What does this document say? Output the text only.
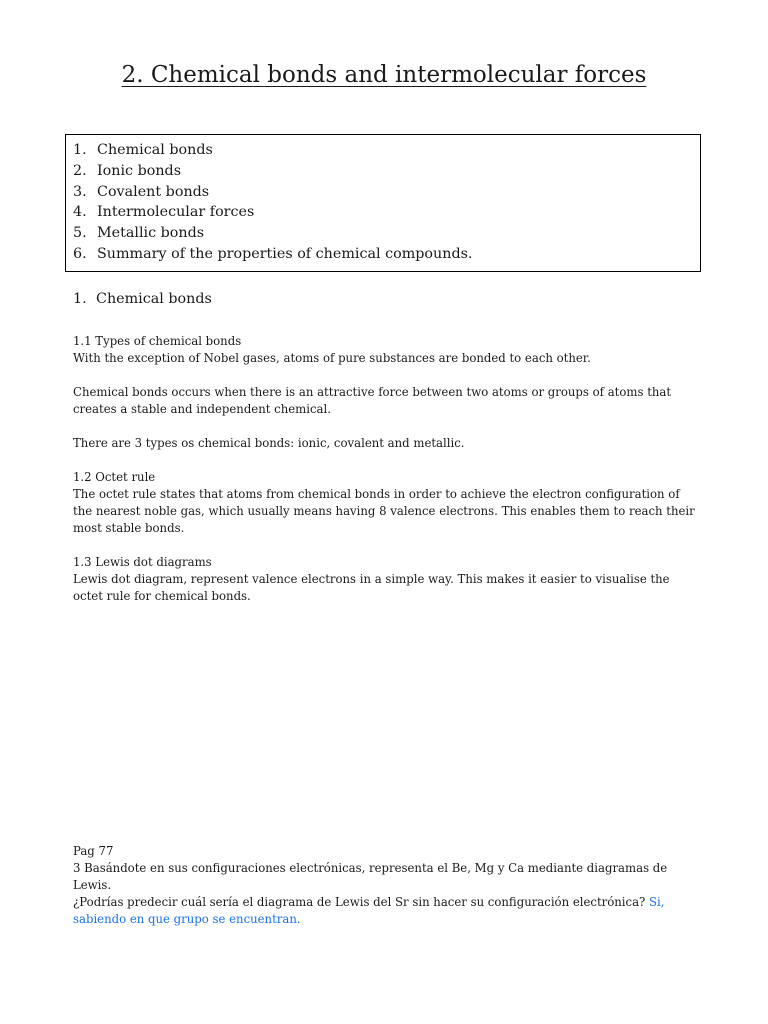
2. Chemical bonds and intermolecular forces
1. Chemical bonds
2. Ionic bonds
3. Covalent bonds
4. Intermolecular forces
5. Metallic bonds
6. Summary of the properties of chemical compounds.
1. Chemical bonds
1.1 Types of chemical bonds

With the exception of Nobel gases, atoms of pure substances are bonded to each other.

Chemical bonds occurs when there is an attractive force between two atoms or groups of atoms that creates a stable and independent chemical.

There are 3 types os chemical bonds: ionic, covalent and metallic.

1.2 Octet rule

The octet rule states that atoms from chemical bonds in order to achieve the electron configuration of the nearest noble gas, which usually means having 8 valence electrons. This enables them to reach their most stable bonds.

1.3 Lewis dot diagrams

Lewis dot diagram, represent valence electrons in a simple way. This makes it easier to visualise the octet rule for chemical bonds.

Pag 77
3 Basándote en sus configuraciones electrónicas, representa el Be, Mg y Ca mediante diagramas de Lewis.
¿Podrías predecir cuál sería el diagrama de Lewis del Sr sin hacer su configuración electrónica? Si, sabiendo en que grupo se encuentran.
